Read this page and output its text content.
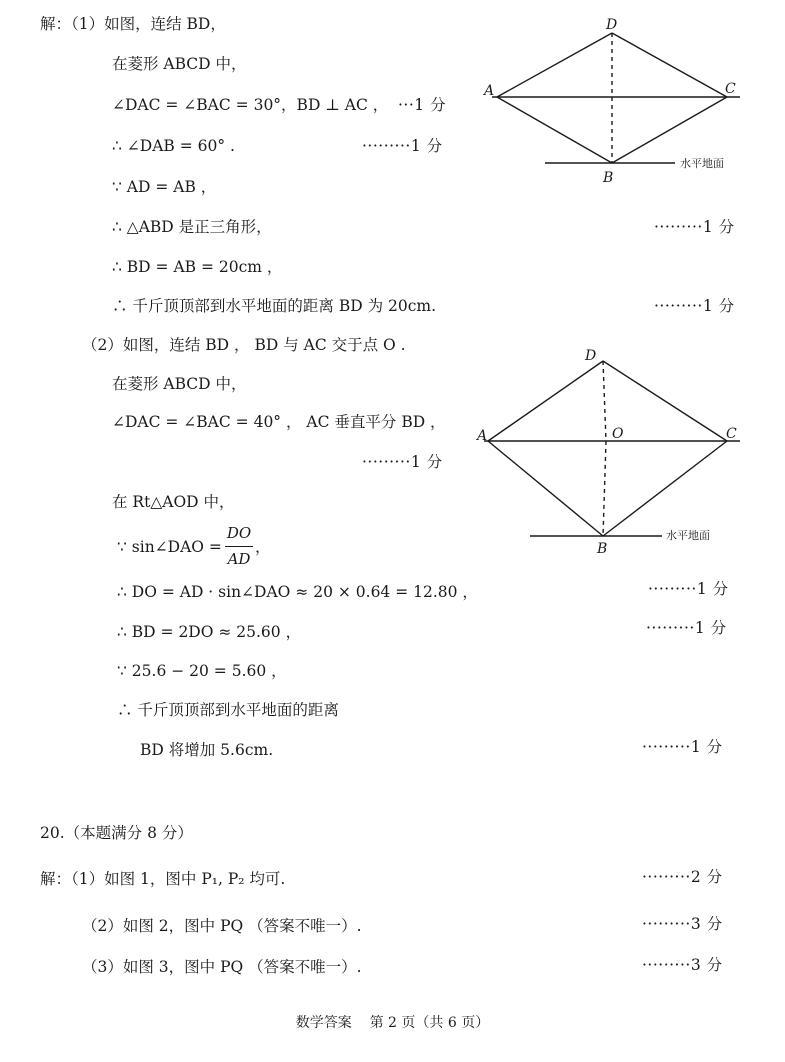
解：（1）如图，连结 BD，
在菱形 ABCD 中，
∠DAC = ∠BAC = 30°，BD ⊥ AC ， ···1 分
∴ ∠DAB = 60° .	·········1 分
∵ AD = AB ，
∴ △ABD 是正三角形，	·········1 分
∴ BD = AB = 20cm ，
∴ 千斤顶顶部到水平地面的距离 BD 为 20cm.	·········1 分
D
A	C
B
水平地面
（2）如图，连结 BD ， BD 与 AC 交于点 O .
在菱形 ABCD 中，
∠DAC = ∠BAC = 40° ， AC 垂直平分 BD ，
·········1 分
在 Rt△AOD 中，
∵ sin∠DAO =
DO
AD
，
∴ DO = AD · sin∠DAO ≈ 20 × 0.64 = 12.80 ，	·········1 分
∴ BD = 2DO ≈ 25.60 ，	·········1 分
∵ 25.6 − 20 = 5.60 ，
∴ 千斤顶顶部到水平地面的距离
BD 将增加 5.6cm.	·········1 分
D
A	O	C
B
水平地面
20.（本题满分 8 分）
解：（1）如图 1，图中 P₁, P₂ 均可.	·········2 分
（2）如图 2，图中 PQ （答案不唯一）.	·········3 分
（3）如图 3，图中 PQ （答案不唯一）.	·········3 分
数学答案    第 2 页（共 6 页）
